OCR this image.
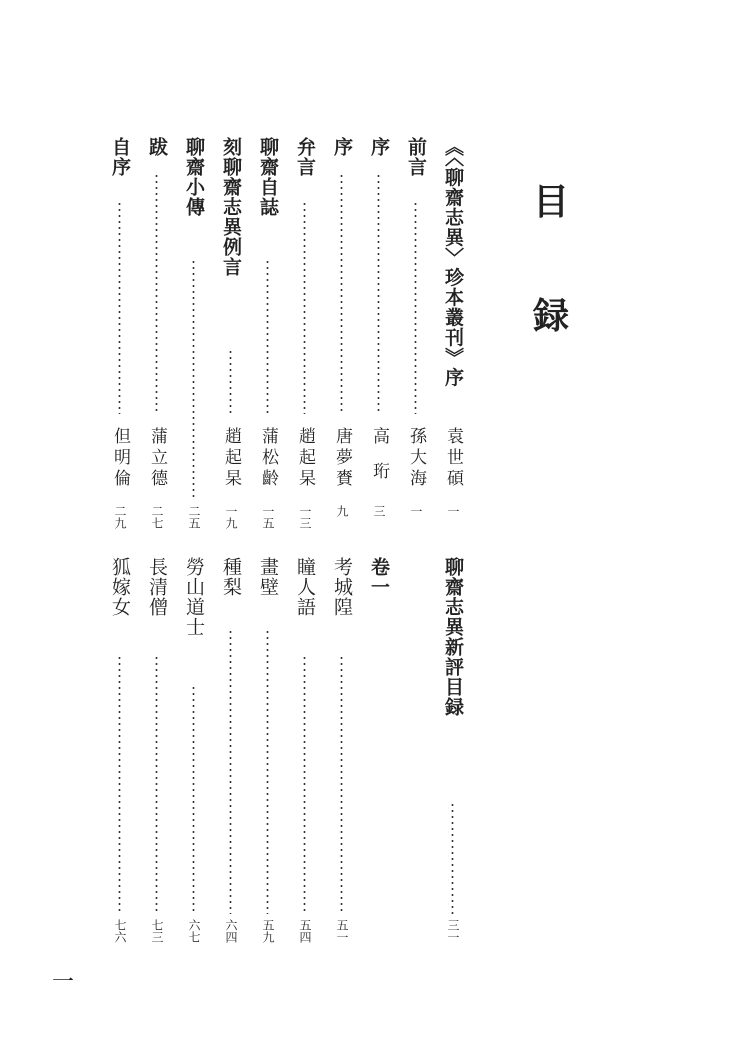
目
録
《〈聊齋志異〉珍本叢刊》序
袁世碩
一
前言
孫大海
一
序
高珩
三
序
唐夢賚
九
弁言
趙起杲
一三
聊齋自誌
蒲松齡
一五
刻聊齋志異例言
趙起杲
一九
聊齋小傳
二五
跋
蒲立德
二七
自序
但明倫
二九
聊齋志異新評目録
三一
卷一
考城隍
五一
瞳人語
五四
畫壁
五九
種梨
六四
勞山道士
六七
長清僧
七三
狐嫁女
七六
一
